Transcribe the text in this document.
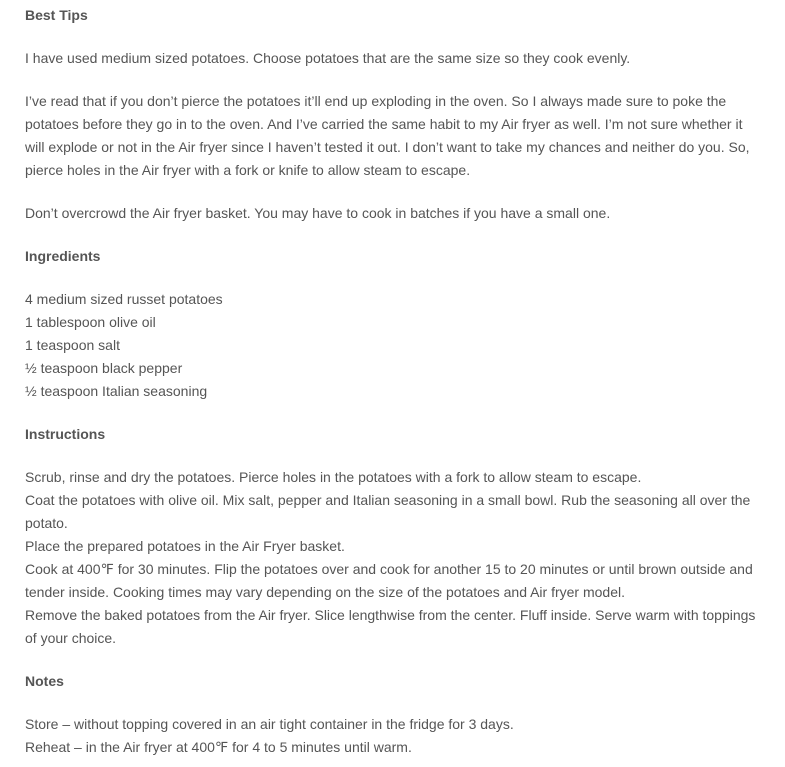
Best Tips

I have used medium sized potatoes. Choose potatoes that are the same size so they cook evenly.

I’ve read that if you don’t pierce the potatoes it’ll end up exploding in the oven. So I always made sure to poke the potatoes before they go in to the oven. And I’ve carried the same habit to my Air fryer as well. I’m not sure whether it will explode or not in the Air fryer since I haven’t tested it out. I don’t want to take my chances and neither do you. So, pierce holes in the Air fryer with a fork or knife to allow steam to escape.

Don’t overcrowd the Air fryer basket. You may have to cook in batches if you have a small one.

Ingredients
4 medium sized russet potatoes
1 tablespoon olive oil
1 teaspoon salt
½ teaspoon black pepper
½ teaspoon Italian seasoning
Instructions
Scrub, rinse and dry the potatoes. Pierce holes in the potatoes with a fork to allow steam to escape.
Coat the potatoes with olive oil. Mix salt, pepper and Italian seasoning in a small bowl. Rub the seasoning all over the potato.
Place the prepared potatoes in the Air Fryer basket.
Cook at 400℉ for 30 minutes. Flip the potatoes over and cook for another 15 to 20 minutes or until brown outside and tender inside. Cooking times may vary depending on the size of the potatoes and Air fryer model.
Remove the baked potatoes from the Air fryer. Slice lengthwise from the center. Fluff inside. Serve warm with toppings of your choice.
Notes
Store – without topping covered in an air tight container in the fridge for 3 days.
Reheat – in the Air fryer at 400℉ for 4 to 5 minutes until warm.
